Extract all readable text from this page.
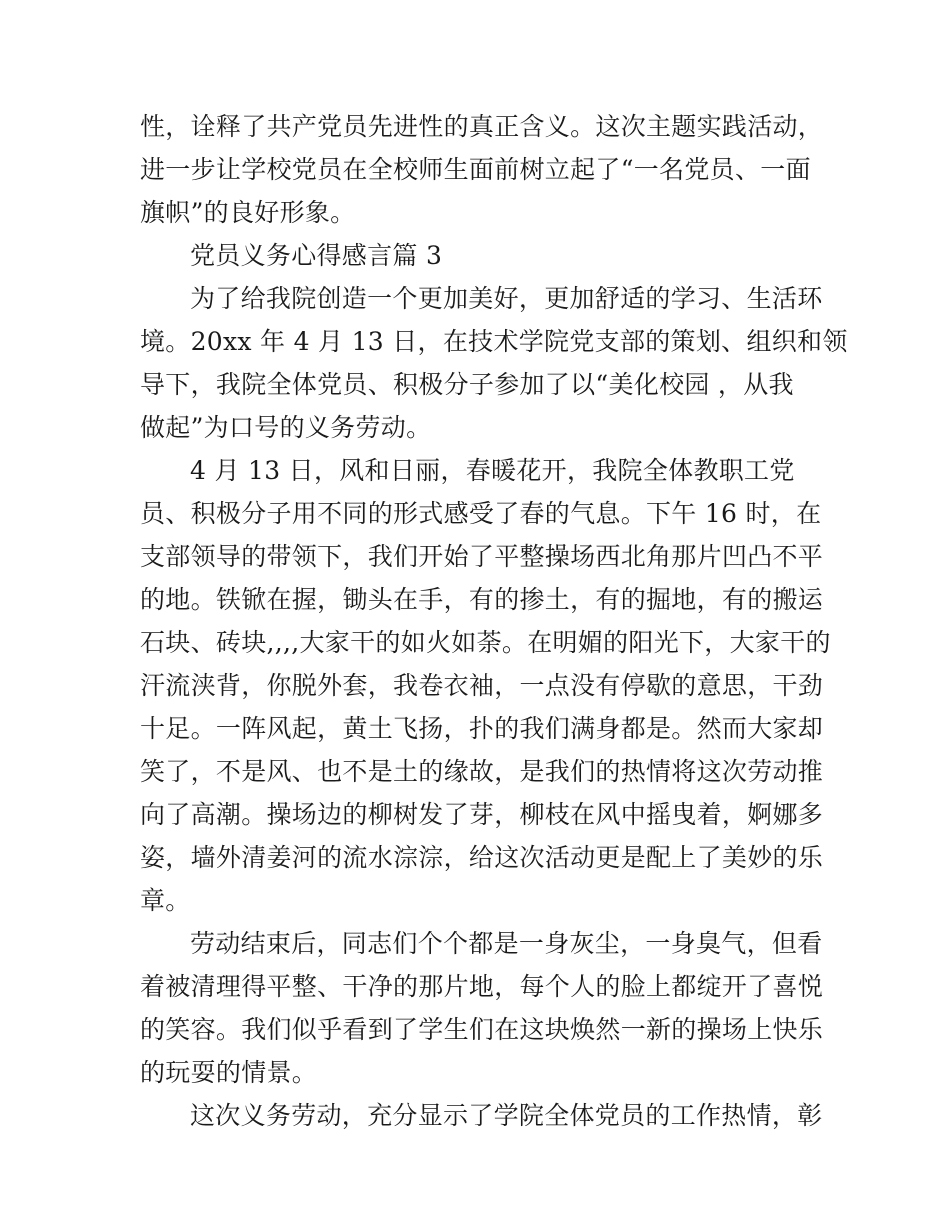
性，诠释了共产党员先进性的真正含义。这次主题实践活动，
进一步让学校党员在全校师生面前树立起了“一名党员、一面
旗帜”的良好形象。
党员义务心得感言篇 3
为了给我院创造一个更加美好，更加舒适的学习、生活环
境。20xx 年 4 月 13 日，在技术学院党支部的策划、组织和领
导下，我院全体党员、积极分子参加了以“美化校园 ，从我
做起”为口号的义务劳动。
4 月 13 日，风和日丽，春暖花开，我院全体教职工党
员、积极分子用不同的形式感受了春的气息。下午 16 时，在
支部领导的带领下，我们开始了平整操场西北角那片凹凸不平
的地。铁锨在握，锄头在手，有的掺土，有的掘地，有的搬运
石块、砖块,,,,大家干的如火如荼。在明媚的阳光下，大家干的
汗流浃背，你脱外套，我卷衣袖，一点没有停歇的意思，干劲
十足。一阵风起，黄土飞扬，扑的我们满身都是。然而大家却
笑了，不是风、也不是土的缘故，是我们的热情将这次劳动推
向了高潮。操场边的柳树发了芽，柳枝在风中摇曳着，婀娜多
姿，墙外清姜河的流水淙淙，给这次活动更是配上了美妙的乐
章。
劳动结束后，同志们个个都是一身灰尘，一身臭气，但看
着被清理得平整、干净的那片地，每个人的脸上都绽开了喜悦
的笑容。我们似乎看到了学生们在这块焕然一新的操场上快乐
的玩耍的情景。
这次义务劳动，充分显示了学院全体党员的工作热情，彰
